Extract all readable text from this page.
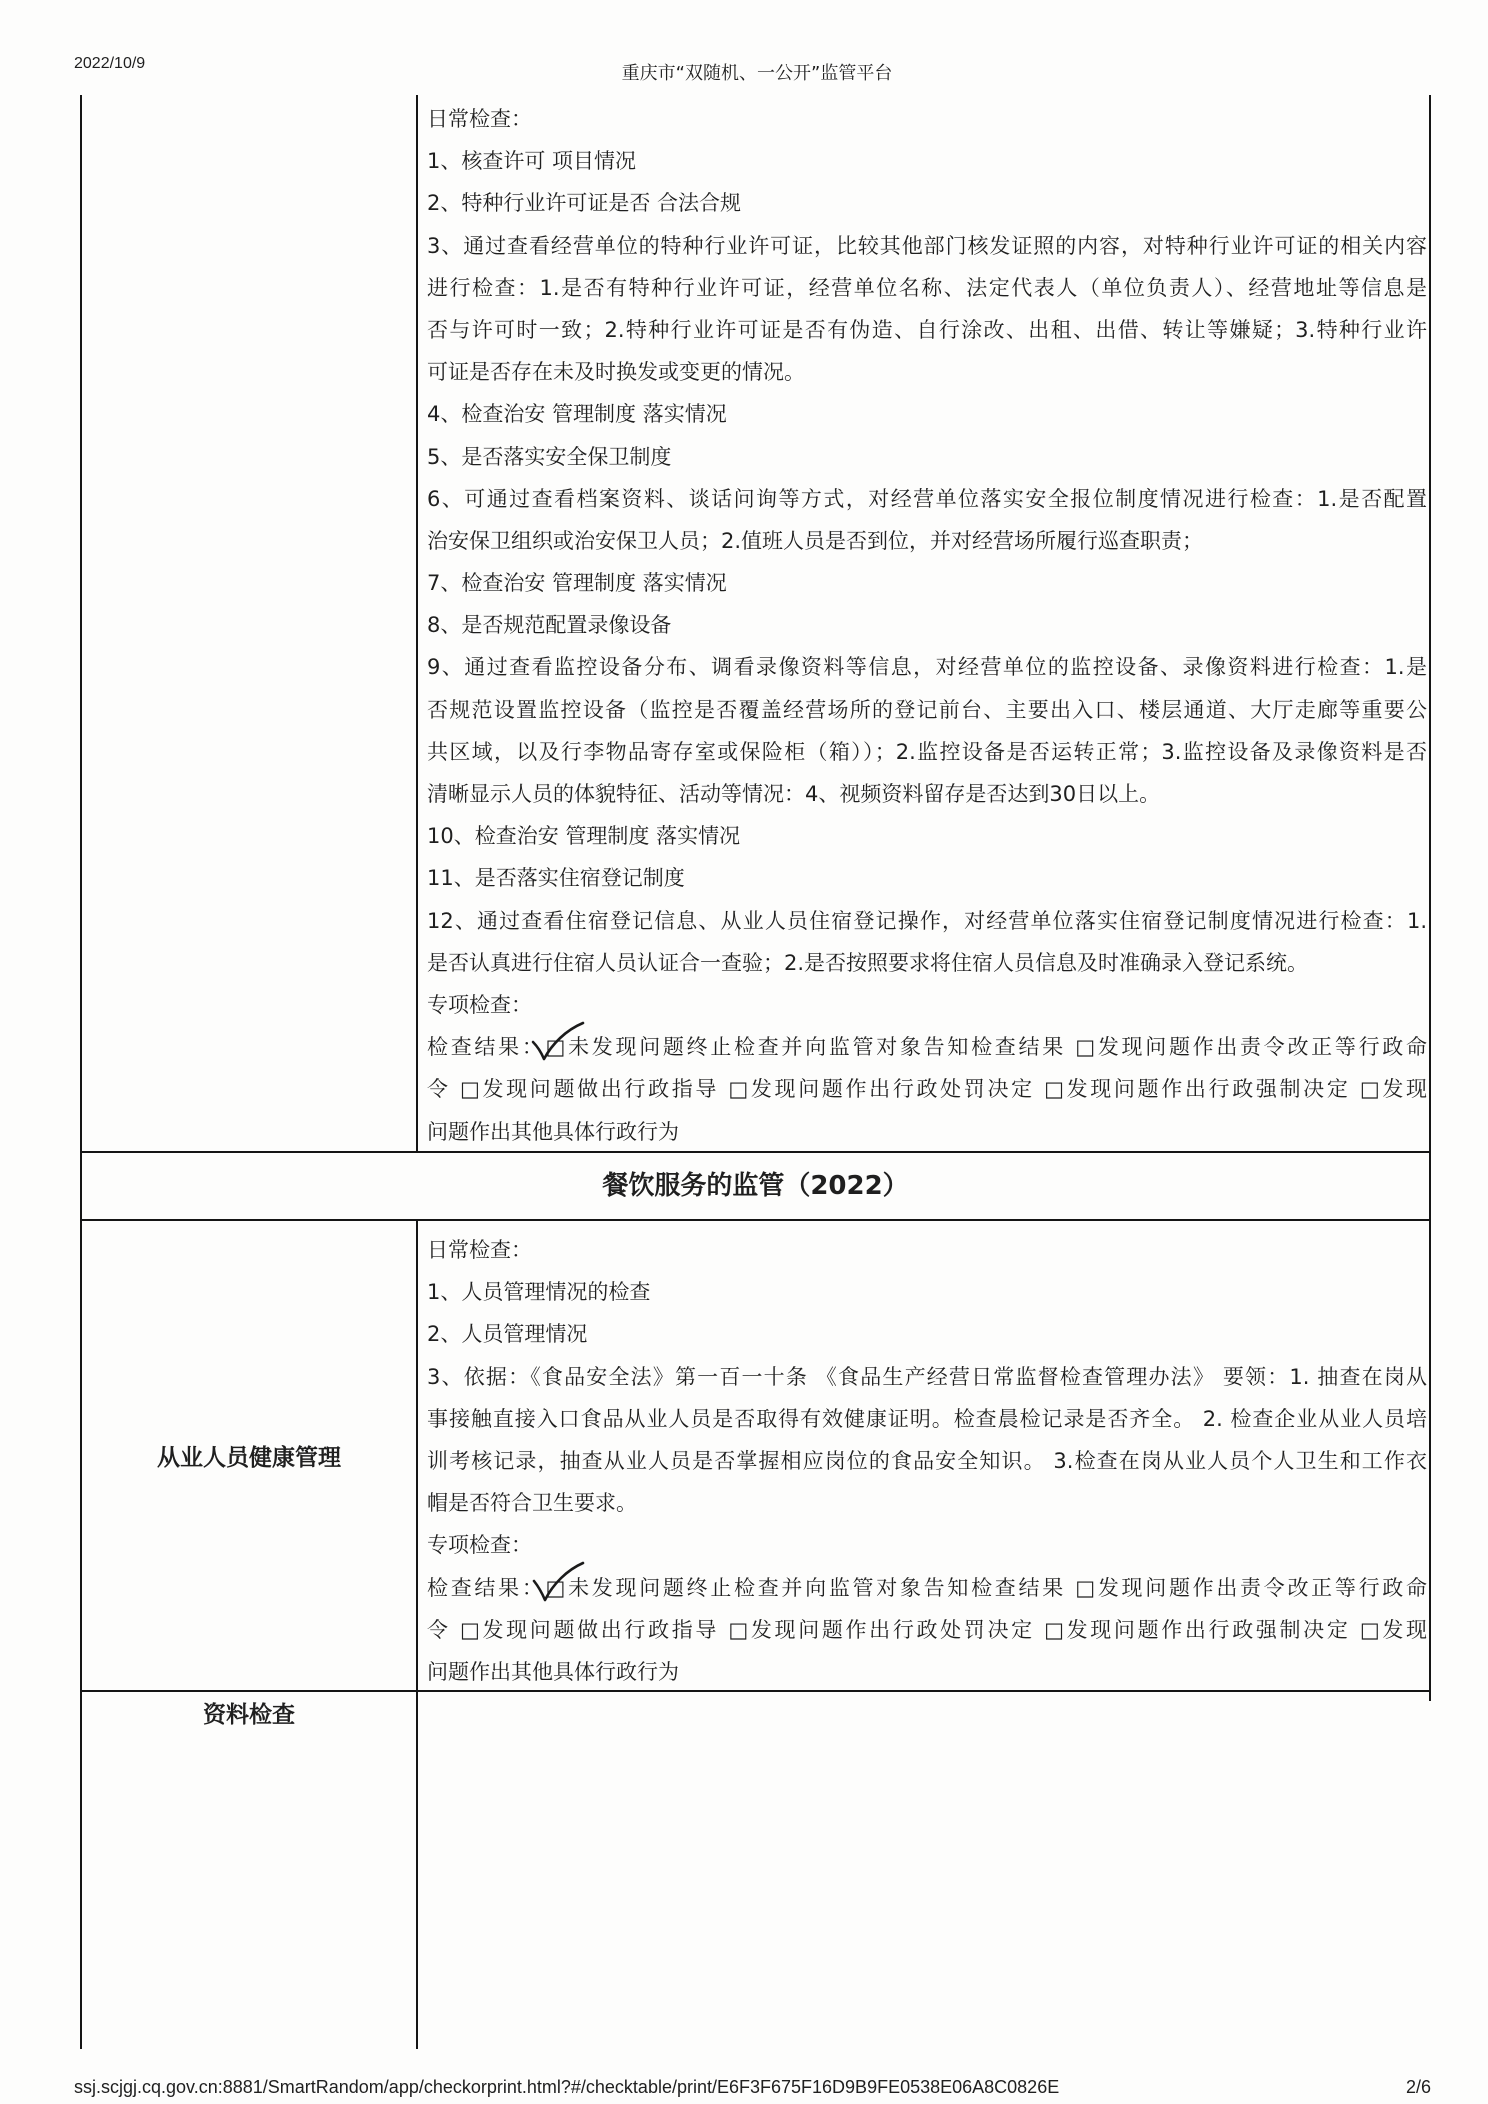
2022/10/9	重庆市“双随机、一公开”监管平台
日常检查：
1、核查许可 项目情况
2、特种行业许可证是否 合法合规
3、通过查看经营单位的特种行业许可证，比较其他部门核发证照的内容，对特种行业许可证的相关内容
进行检查：1.是否有特种行业许可证，经营单位名称、法定代表人（单位负责人）、经营地址等信息是
否与许可时一致；2.特种行业许可证是否有伪造、自行涂改、出租、出借、转让等嫌疑；3.特种行业许
可证是否存在未及时换发或变更的情况。
4、检查治安 管理制度 落实情况
5、是否落实安全保卫制度
6、可通过查看档案资料、谈话问询等方式，对经营单位落实安全报位制度情况进行检查：1.是否配置
治安保卫组织或治安保卫人员；2.值班人员是否到位，并对经营场所履行巡查职责；
7、检查治安 管理制度 落实情况
8、是否规范配置录像设备
9、通过查看监控设备分布、调看录像资料等信息，对经营单位的监控设备、录像资料进行检查：1.是
否规范设置监控设备（监控是否覆盖经营场所的登记前台、主要出入口、楼层通道、大厅走廊等重要公
共区域，以及行李物品寄存室或保险柜（箱））；2.监控设备是否运转正常；3.监控设备及录像资料是否
清晰显示人员的体貌特征、活动等情况：4、视频资料留存是否达到30日以上。
10、检查治安 管理制度 落实情况
11、是否落实住宿登记制度
12、通过查看住宿登记信息、从业人员住宿登记操作，对经营单位落实住宿登记制度情况进行检查：1.
是否认真进行住宿人员认证合一查验；2.是否按照要求将住宿人员信息及时准确录入登记系统。
专项检查：
检查结果：□
未发现问题终止检查并向监管对象告知检查结果 □发现问题作出责令改正等行政命
令 □发现问题做出行政指导 □发现问题作出行政处罚决定 □发现问题作出行政强制决定 □发现
问题作出其他具体行政行为
餐饮服务的监管（2022）
从业人员健康管理
日常检查：
1、人员管理情况的检查
2、人员管理情况
3、依据：《食品安全法》第一百一十条 《食品生产经营日常监督检查管理办法》 要领：1. 抽查在岗从
事接触直接入口食品从业人员是否取得有效健康证明。检查晨检记录是否齐全。 2. 检查企业从业人员培
训考核记录，抽查从业人员是否掌握相应岗位的食品安全知识。 3.检查在岗从业人员个人卫生和工作衣
帽是否符合卫生要求。
专项检查：
检查结果：□
未发现问题终止检查并向监管对象告知检查结果 □发现问题作出责令改正等行政命
令 □发现问题做出行政指导 □发现问题作出行政处罚决定 □发现问题作出行政强制决定 □发现
问题作出其他具体行政行为
资料检查
ssj.scjgj.cq.gov.cn:8881/SmartRandom/app/checkorprint.html?#/checktable/print/E6F3F675F16D9B9FE0538E06A8C0826E	2/6
